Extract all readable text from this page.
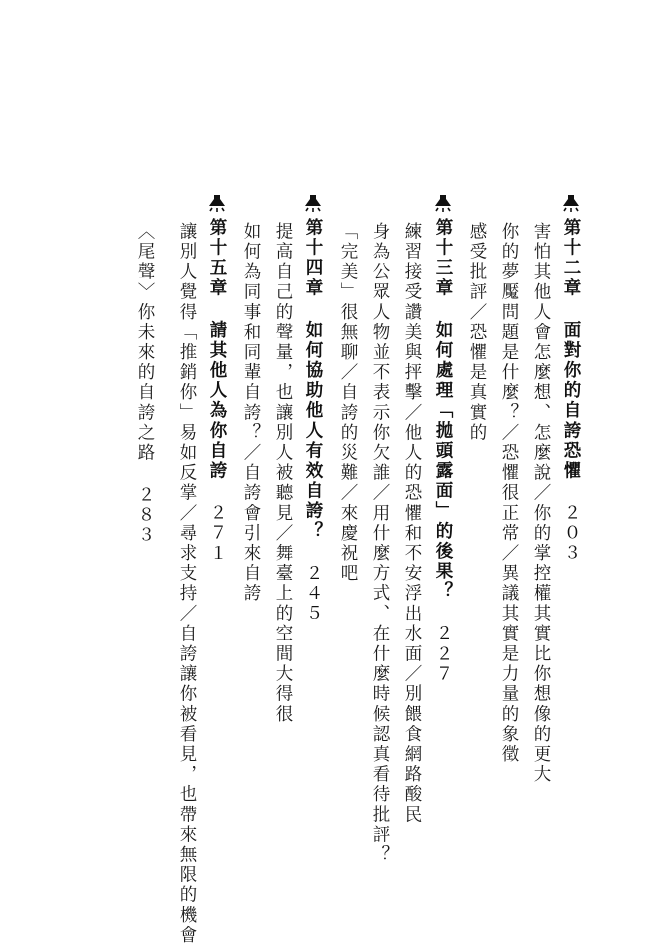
第十二章面對你的自誇恐懼２０３
害怕其他人會怎麼想、怎麼說／你的掌控權其實比你想像的更大
你的夢魘問題是什麼？／恐懼很正常／異議其實是力量的象徵
感受批評／恐懼是真實的
第十三章如何處理「拋頭露面」的後果？２２７
練習接受讚美與抨擊／他人的恐懼和不安浮出水面／別餵食網路酸民
身為公眾人物並不表示你欠誰／用什麼方式、在什麼時候認真看待批評？
「完美」很無聊／自誇的災難／來慶祝吧
第十四章如何協助他人有效自誇？２４５
提高自己的聲量，也讓別人被聽見／舞臺上的空間大得很
如何為同事和同輩自誇？／自誇會引來自誇
第十五章請其他人為你自誇２７１
讓別人覺得「推銷你」易如反掌／尋求支持／自誇讓你被看見，也帶來無限的機會
〈尾聲〉你未來的自誇之路２８３
